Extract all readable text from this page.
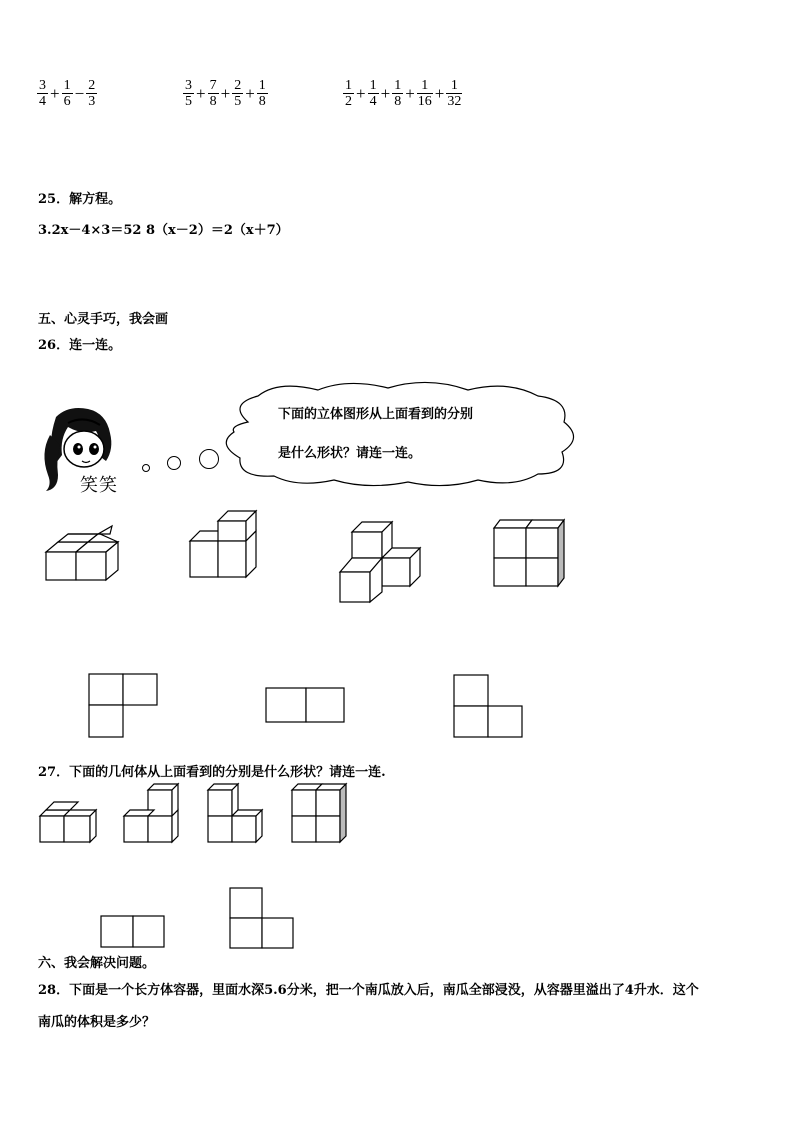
$\frac{3}{4} + \frac{1}{6} - \frac{2}{3}$	$\frac{3}{5} + \frac{7}{8} + \frac{2}{5} + \frac{1}{8}$	$\frac{1}{2} + \frac{1}{4} + \frac{1}{8} + \frac{1}{16} + \frac{1}{32}$
25．解方程。
3.2x－4×3＝52 8（x－2）＝2（x＋7）
五、心灵手巧，我会画
26．连一连。
笑笑
下面的立体图形从上面看到的分别
是什么形状？请连一连。
27．下面的几何体从上面看到的分别是什么形状？请连一连.
六、我会解决问题。
28．下面是一个长方体容器，里面水深5.6分米，把一个南瓜放入后，南瓜全部浸没，从容器里溢出了4升水．这个
南瓜的体积是多少？
